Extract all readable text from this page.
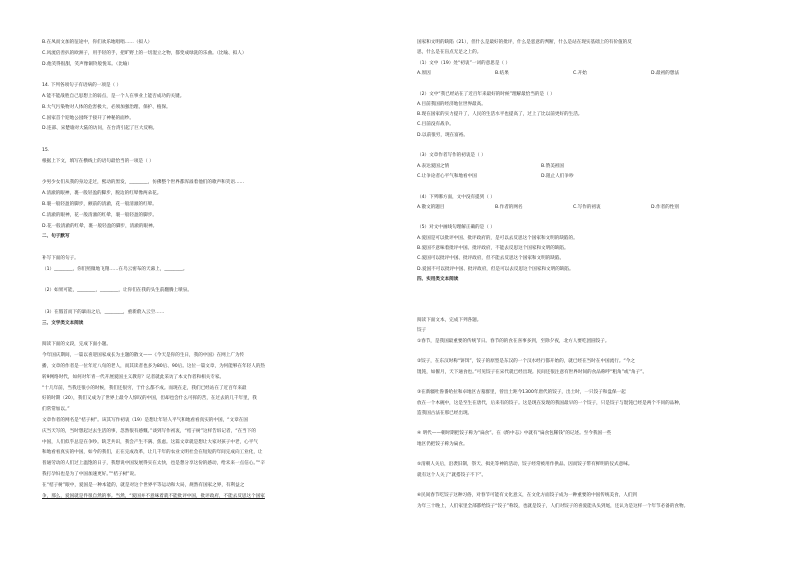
B.在凤而文加的征途中，你们欢乐地唱唱……（拟人）
C.风流倍善扒的欧洲子，用手轻的手，把旷野上的一切混立之物，都变成绿洗的乐曲。（比喻、拟人）
D.他笑得很甜，笑声像铜铃般悦耳。（比喻）
14. 下列各项句子有语病的一项是（ ）
A.能不能战胜自己思想上的弱点，是一个人在事业上能否成功的关键。
B.大气污染物对人体的危害极大，必须加强治理、保护、植保。
C.国家首个迎地公园终于接开了神秘的面纱。
D.连部、宋楚瑜对大陆的访问，在台湾引起了巨大反响。
15.
根据上下文，填写在横线上的语句最恰当的一项是（ ）
少男少女们从我的身边走过，熙动的黑发，________，仿佛整个世界都浑溢着他们的歌声和笑语……
A.清澈的眼神，裹一般轻盈的脚步，脱边的红晕像两朵花。
B.裹一般轻盈的脚步，额前的清澈，花一般清澈的红晕。
C.清澈的眼神，花一般清澈的红晕，裹一般轻盈的脚步。
D.花一般清澈的红晕，裹一般轻盈的脚步，清澈的眼神。
二、句子默写
补写下面的句子。
（1）________，你们照微地飞翔……在乌云密布的天幕上，________。
（2）如果可能，________，________，让你们在我的头生前翻腾上喷泉。
（3）在假首而下的暴雨之后，________，重新蔚入云空……
三、文学类文本阅读
阅读下面的文段，完成下面小题。
今年国庆期间，一篇以喜迎国家成长为主题的散文——《今天是你的生日，我的中国》在网上广为传
播，文章的作者是一位年近八旬的老人，而其读者也多为80后、90后。这位一篇文章，为何能够在年轻人的热
转9网络时代，如何对年青一代开展爱国主义教育？记者就此采访了本文作者和相关专家。
“十几年前，当我还很小的时候，我们还很穷，于什么都不成。而现在走，我们已经站在了近百年来最
好的时期（20），我们又成为了世界上最令人惊叹的中国，但却也会什么可挥的苦，在过去的几千年里，我
们常常加以。”
文章作者的网名是“桔子树”。该其写作初衷（19）是想让年轻人平气和地看看真实的中国，“文章在国
庆当天写的，当时想起过去生活的事，忽然很有感慨。”谈到写作初衷，“桔子树”这样告诉记者，“在当下的
中国，人们似乎总是在争吵。缺乏共识，我会产生不满、焦虑。这篇文章就是想让大家对孩子中老，心平气
和地看看真实的中国，如今的我们，正在完成改革，让几千年的农业文明社会在短短的年间完成向工业化，让
普通劳动的人们过上温饱的日子，我想说中国发展得实在太快，也是想分享这份的感动，给未来一点信心。”“辛
我打孕妇也是为了中国加速更好。”“桔子树”说。
在“桔子树”眼中，爱国是一种本能的，就是对这个世界平等运动和大局，规然有国家之界，有利益之
争，那么，爱国就是件很自然的事。当然，“爱国并不意味着就不能批评中国，批评政府，不能去反思这个国家
国家和文明的缺陷（21），但什么是最好的批评，什么是恶意的判断，什么是站在现实基础上的有价值的反
思，什么是在盲点无足之上的。
（1）文中（19）处“初衷”一词的意思是（ ）
A.原因	B.结果	C.开始	D.最初的想法
（2）文中“我已经站在了近百年来最好的时候”理解最恰当的是（ ）
A.目前我国的经济地位世界最高。
B.现在国家的实力提升了，人民的生活水平也提高了，过上了比以前更好的生活。
C.目前没有战争。
D.以前很穷，现在富裕。
（3）文章作者写作的初衷是（ ）
A.表达爱国之情	B.赞美祖国
C.让争论者心平气和地看中国	D.阻止人们争吵
（4）下列哪方面，文中没有提到（ ）
A.散文的题目	B.作者的网名	C.写作的初衷	D.作者的性别
（5）对文中画线句理解正确的是（ ）
A.爱国是可以批评中国、批评政府的，是可以去反思这个国家和文明的缺陷的。
B.爱国不意味着批评中国、批评政府，不能去反思这个国家和文明的缺陷。
C.爱国可以批评中国、批评政府，但不能去反思这个国家和文明的缺陷。
D.爱国不可以批评中国、批评政府，但是可以去反思这个国家和文明的缺陷。
四、实用类文本阅读
阅读下面文本，完成下列各题。
饺子
①春节，是我国最重要的传统节日。春节的的食在喜事多到，至除夕夜，北方人要吃团圆饺子。
②饺子，在东汉时称“饼饵”，饺子的原型是东汉的一个汉水经行都开始的，就已经在当时在中国流行。“今之
馄饨，如偃月，天下通食也。”可见饺子在宋代就已经出现。民间还很注意有世界时间的食品称呼“粗角”或“角子”。
③在新疆吐鲁番哈拉和卓地区古墓群里，曾出土距今1300年唐代的饺子，出土时，一只饺子和盘保一起
放在一个木碗中，这是至生在唐代，后来有的饺子。这是现在发现的我国最早的一个饺子，只是饺子与馄饨已经是两个不同的品种，
造我国古法在那已经出现。
④ 明代——朝时期把饺子称为“扁食”。在《酌中志》中就有“扁食包稀钱”的记述。至今我国一些
地区仍把饺子称为扁食。
⑤清朝人关后，沿袭旧制，祭天、揖先等神的活动，饺子经常被用作供品。因而饺子带有鲜明的仪式意味。
就有这个人关了“就搭饺子不下”。
⑥民间春节吃饺子这种习俗，对春节可能有文化意义，在文化方面饺子成为一种重要的中国传统美食，人们到
为年三十晚上，人们家里全部都给饺子“饺子”称饺，也就是饺子，人们对饺子的喜爱能从头到尾，还认为是这样一个年节必备的食物。
